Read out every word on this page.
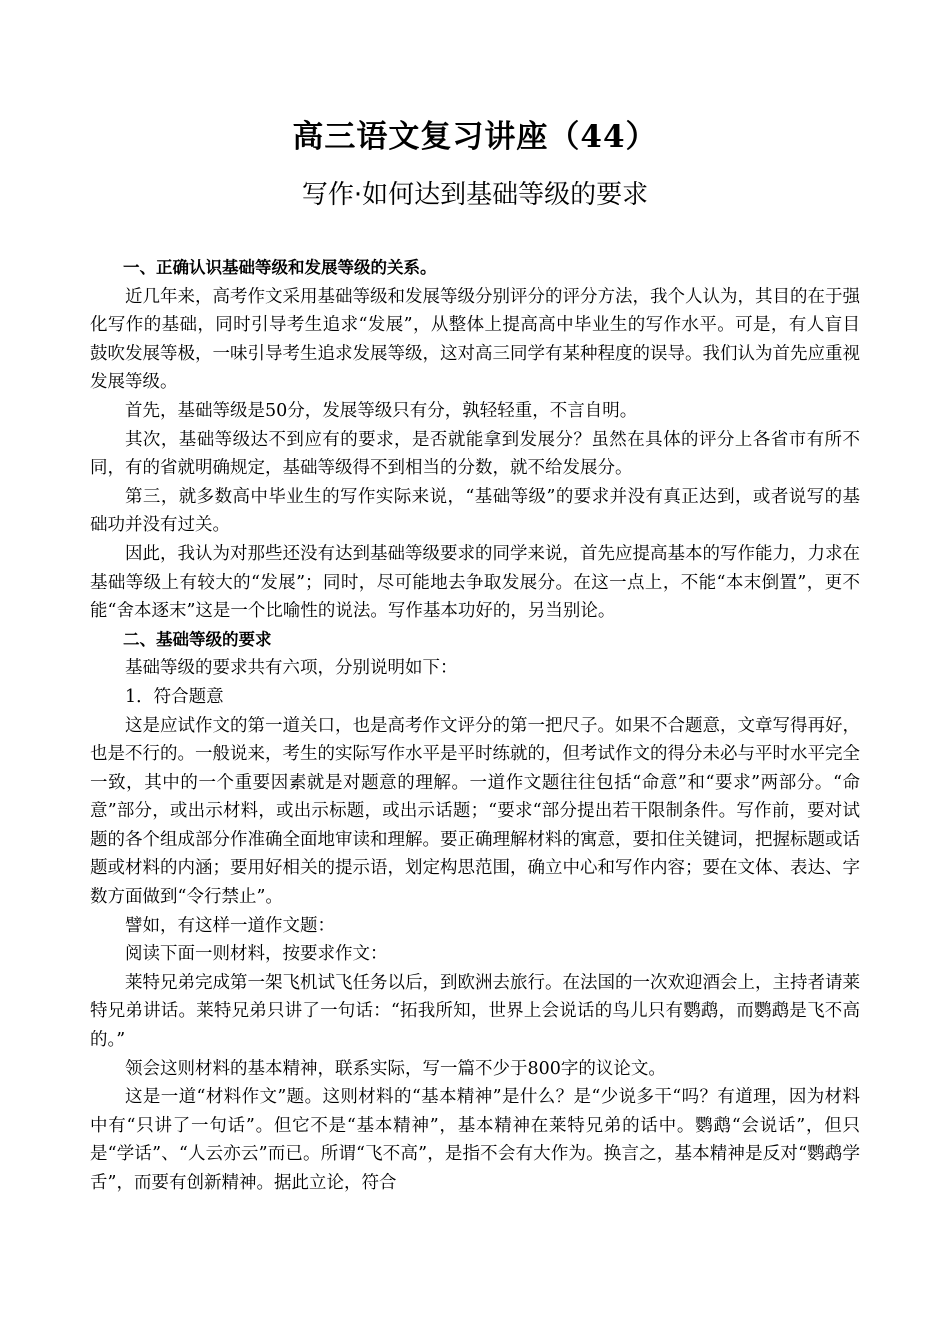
高三语文复习讲座（44）
写作·如何达到基础等级的要求

一、正确认识基础等级和发展等级的关系。

近几年来，高考作文采用基础等级和发展等级分别评分的评分方法，我个人认为，其目的在于强化写作的基础，同时引导考生追求“发展”，从整体上提高高中毕业生的写作水平。可是，有人盲目鼓吹发展等极，一味引导考生追求发展等级，这对高三同学有某种程度的误导。我们认为首先应重视发展等级。

首先，基础等级是50分，发展等级只有分，孰轻轻重，不言自明。

其次，基础等级达不到应有的要求，是否就能拿到发展分？虽然在具体的评分上各省市有所不同，有的省就明确规定，基础等级得不到相当的分数，就不给发展分。

第三，就多数高中毕业生的写作实际来说，“基础等级”的要求并没有真正达到，或者说写的基础功并没有过关。

因此，我认为对那些还没有达到基础等级要求的同学来说，首先应提高基本的写作能力，力求在基础等级上有较大的“发展”；同时，尽可能地去争取发展分。在这一点上，不能“本末倒置”，更不能“舍本逐末”这是一个比喻性的说法。写作基本功好的，另当别论。

二、基础等级的要求

基础等级的要求共有六项，分别说明如下：

1．符合题意

这是应试作文的第一道关口，也是高考作文评分的第一把尺子。如果不合题意，文章写得再好，也是不行的。一般说来，考生的实际写作水平是平时练就的，但考试作文的得分未必与平时水平完全一致，其中的一个重要因素就是对题意的理解。一道作文题往往包括“命意”和“要求”两部分。“命意”部分，或出示材料，或出示标题，或出示话题；“要求“部分提出若干限制条件。写作前，要对试题的各个组成部分作准确全面地审读和理解。要正确理解材料的寓意，要扣住关键词，把握标题或话题或材料的内涵；要用好相关的提示语，划定构思范围，确立中心和写作内容；要在文体、表达、字数方面做到“令行禁止”。

譬如，有这样一道作文题：

阅读下面一则材料，按要求作文：

莱特兄弟完成第一架飞机试飞任务以后，到欧洲去旅行。在法国的一次欢迎酒会上，主持者请莱特兄弟讲话。莱特兄弟只讲了一句话：“拓我所知，世界上会说话的鸟儿只有鹦鹉，而鹦鹉是飞不高的。”

领会这则材料的基本精神，联系实际，写一篇不少于800字的议论文。

这是一道“材料作文”题。这则材料的“基本精神”是什么？是“少说多干“吗？有道理，因为材料中有“只讲了一句话”。但它不是“基本精神”，基本精神在莱特兄弟的话中。鹦鹉“会说话”，但只是“学话”、“人云亦云”而已。所谓“飞不高”，是指不会有大作为。换言之，基本精神是反对“鹦鹉学舌”，而要有创新精神。据此立论，符合
